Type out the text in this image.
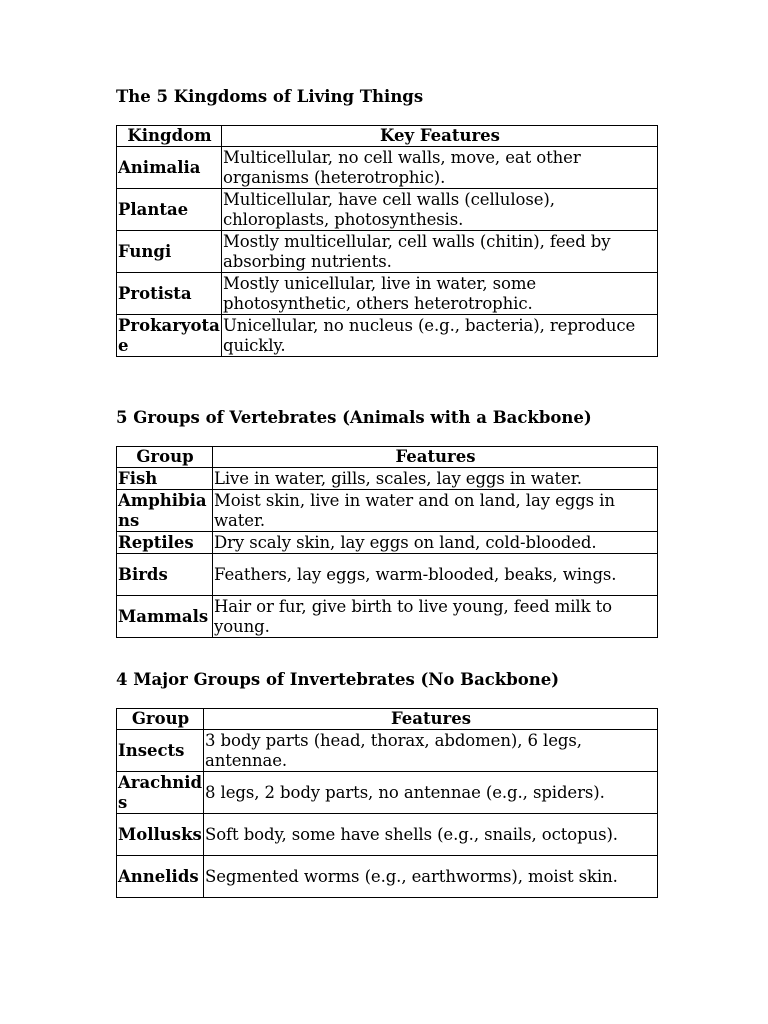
The 5 Kingdoms of Living Things
Kingdom	Key Features
Animalia	Multicellular, no cell walls, move, eat other organisms (heterotrophic).
Plantae	Multicellular, have cell walls (cellulose), chloroplasts, photosynthesis.
Fungi	Mostly multicellular, cell walls (chitin), feed by absorbing nutrients.
Protista	Mostly unicellular, live in water, some photosynthetic, others heterotrophic.
Prokaryotae	Unicellular, no nucleus (e.g., bacteria), reproduce quickly.
5 Groups of Vertebrates (Animals with a Backbone)
Group	Features
Fish	Live in water, gills, scales, lay eggs in water.
Amphibians	Moist skin, live in water and on land, lay eggs in water.
Reptiles	Dry scaly skin, lay eggs on land, cold-blooded.
Birds	Feathers, lay eggs, warm-blooded, beaks, wings.
Mammals	Hair or fur, give birth to live young, feed milk to young.
4 Major Groups of Invertebrates (No Backbone)
Group	Features
Insects	3 body parts (head, thorax, abdomen), 6 legs, antennae.
Arachnids	8 legs, 2 body parts, no antennae (e.g., spiders).
Mollusks	Soft body, some have shells (e.g., snails, octopus).
Annelids	Segmented worms (e.g., earthworms), moist skin.
